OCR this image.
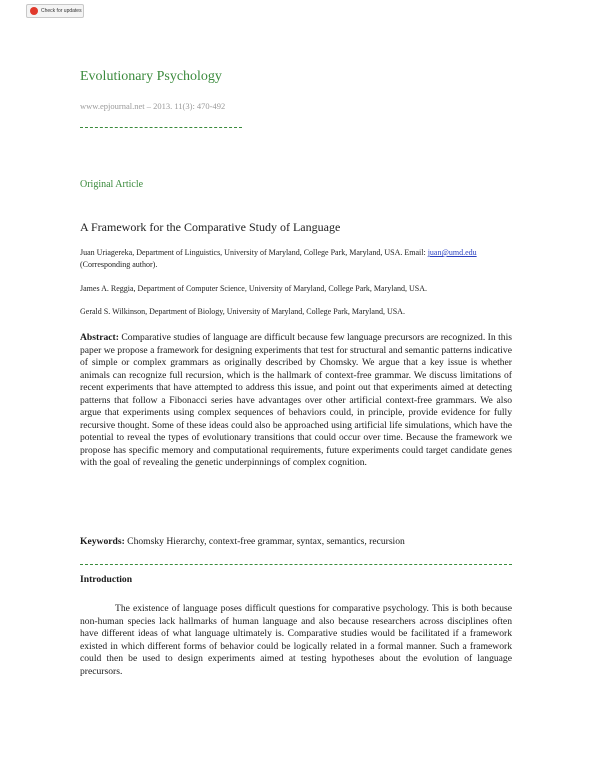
Check for updates
Evolutionary Psychology
www.epjournal.net – 2013. 11(3): 470-492
Original Article
A Framework for the Comparative Study of Language
Juan Uriagereka, Department of Linguistics, University of Maryland, College Park, Maryland, USA. Email: juan@umd.edu (Corresponding author).
James A. Reggia, Department of Computer Science, University of Maryland, College Park, Maryland, USA.
Gerald S. Wilkinson, Department of Biology, University of Maryland, College Park, Maryland, USA.
Abstract: Comparative studies of language are difficult because few language precursors are recognized. In this paper we propose a framework for designing experiments that test for structural and semantic patterns indicative of simple or complex grammars as originally described by Chomsky. We argue that a key issue is whether animals can recognize full recursion, which is the hallmark of context-free grammar. We discuss limitations of recent experiments that have attempted to address this issue, and point out that experiments aimed at detecting patterns that follow a Fibonacci series have advantages over other artificial context-free grammars. We also argue that experiments using complex sequences of behaviors could, in principle, provide evidence for fully recursive thought. Some of these ideas could also be approached using artificial life simulations, which have the potential to reveal the types of evolutionary transitions that could occur over time. Because the framework we propose has specific memory and computational requirements, future experiments could target candidate genes with the goal of revealing the genetic underpinnings of complex cognition.
Keywords: Chomsky Hierarchy, context-free grammar, syntax, semantics, recursion
Introduction
The existence of language poses difficult questions for comparative psychology. This is both because non-human species lack hallmarks of human language and also because researchers across disciplines often have different ideas of what language ultimately is. Comparative studies would be facilitated if a framework existed in which different forms of behavior could be logically related in a formal manner. Such a framework could then be used to design experiments aimed at testing hypotheses about the evolution of language precursors.
